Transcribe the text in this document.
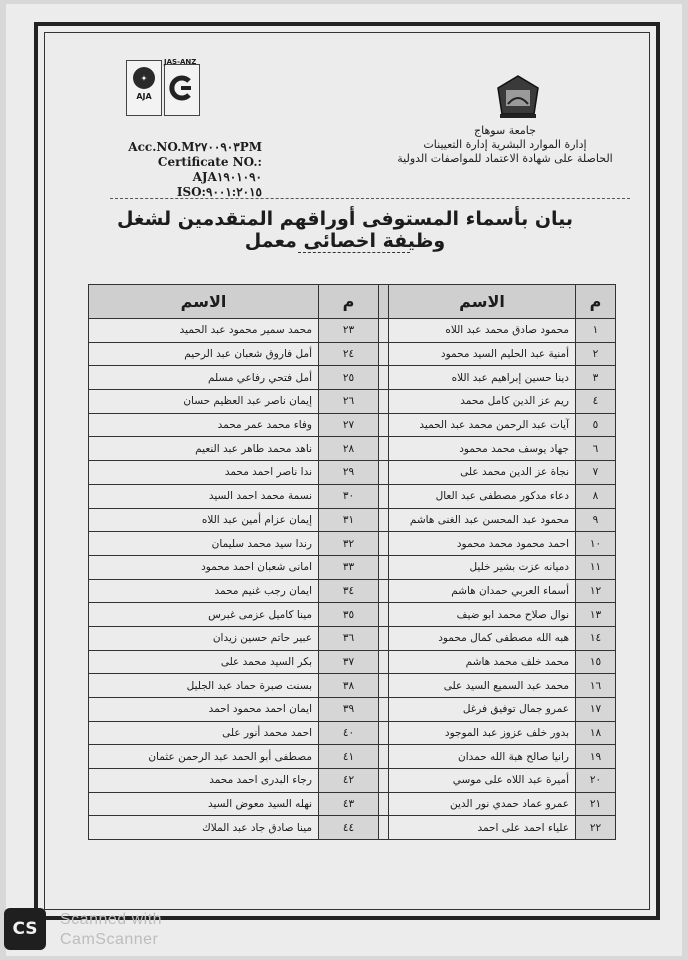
✦
AJA
JAS-ANZ
Acc.NO.M٢٧٠٠٩٠٣PM
Certificate NO.: AJA١٩٠١٠٩٠
ISO:٩٠٠١:٢٠١٥
جامعة سوهاج
إدارة الموارد البشرية إدارة التعيينات
الحاصلة على شهادة الاعتماد للمواصفات الدولية
بيان بأسماء المستوفى أوراقهم المتقدمين لشغل وظيفة اخصائى معمل
م	الاسم		م	الاسم
١	محمود صادق محمد عبد اللاه		٢٣	محمد سمير محمود عبد الحميد
٢	أمنية عبد الحليم السيد محمود		٢٤	أمل فاروق شعبان عبد الرحيم
٣	دينا حسين إبراهيم عبد اللاه		٢٥	أمل فتحي رفاعي مسلم
٤	ريم عز الدين كامل محمد		٢٦	إيمان ناصر عبد العظيم حسان
٥	آيات عبد الرحمن محمد عبد الحميد		٢٧	وفاء محمد عمر محمد
٦	جهاد يوسف محمد محمود		٢٨	ناهد محمد طاهر عبد النعيم
٧	نجاة عز الدين محمد على		٢٩	ندا ناصر احمد محمد
٨	دعاء مدكور مصطفى عبد العال		٣٠	نسمة محمد احمد السيد
٩	محمود عبد المحسن عبد الغنى هاشم		٣١	إيمان عزام أمين عبد اللاه
١٠	احمد محمود محمد محمود		٣٢	رندا سيد محمد سليمان
١١	دميانه عزت بشير خليل		٣٣	امانى شعبان احمد محمود
١٢	أسماء العربي حمدان هاشم		٣٤	ايمان رجب غنيم محمد
١٣	نوال صلاح محمد ابو ضيف		٣٥	مينا كاميل عزمى غبرس
١٤	هبه الله مصطفى كمال محمود		٣٦	عبير حاتم حسين زيدان
١٥	محمد خلف محمد هاشم		٣٧	بكر السيد محمد على
١٦	محمد عبد السميع السيد على		٣٨	بسنت صبرة حماد عبد الجليل
١٧	عمرو جمال توفيق فرغل		٣٩	ايمان احمد محمود احمد
١٨	بدور خلف عزوز عبد الموجود		٤٠	احمد محمد أنور على
١٩	رانيا صالح هبة الله حمدان		٤١	مصطفى أبو الحمد عبد الرحمن عثمان
٢٠	أميرة عبد اللاه على موسي		٤٢	رجاء البدرى احمد محمد
٢١	عمرو عماد حمدي نور الدين		٤٣	نهله السيد معوض السيد
٢٢	علياء احمد على احمد		٤٤	مينا صادق جاد عبد الملاك
CS	Scanned with
CamScanner
